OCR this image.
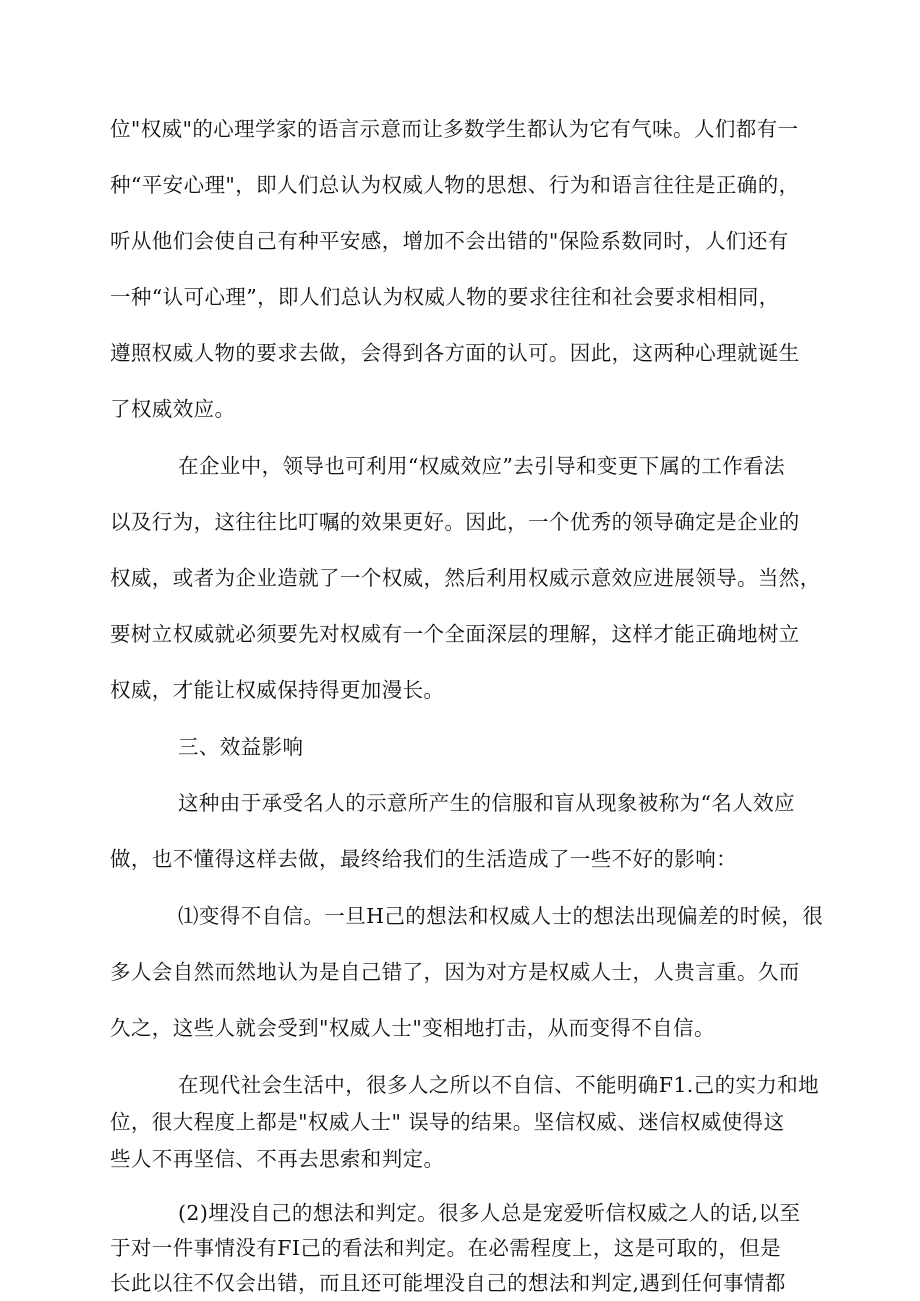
位"权威"的心理学家的语言示意而让多数学生都认为它有气味。人们都有一
种“平安心理"，即人们总认为权威人物的思想、行为和语言往往是正确的，
听从他们会使自己有种平安感，增加不会出错的"保险系数同时，人们还有
一种“认可心理”，即人们总认为权威人物的要求往往和社会要求相相同，
遵照权威人物的要求去做，会得到各方面的认可。因此，这两种心理就诞生
了权威效应。
在企业中，领导也可利用“权威效应”去引导和变更下属的工作看法
以及行为，这往往比叮嘱的效果更好。因此，一个优秀的领导确定是企业的
权威，或者为企业造就了一个权威，然后利用权威示意效应进展领导。当然，
要树立权威就必须要先对权威有一个全面深层的理解，这样才能正确地树立
权威，才能让权威保持得更加漫长。
三、效益影响
这种由于承受名人的示意所产生的信服和盲从现象被称为“名人效应
做，也不懂得这样去做，最终给我们的生活造成了一些不好的影响：
⑴变得不自信。一旦H己的想法和权威人士的想法出现偏差的时候，很
多人会自然而然地认为是自己错了，因为对方是权威人士，人贵言重。久而
久之，这些人就会受到"权威人士"变相地打击，从而变得不自信。
在现代社会生活中，很多人之所以不自信、不能明确F1.己的实力和地
位，很大程度上都是"权威人士" 误导的结果。坚信权威、迷信权威使得这
些人不再坚信、不再去思索和判定。
(2)埋没自己的想法和判定。很多人总是宠爱听信权威之人的话,以至
于对一件事情没有FI己的看法和判定。在必需程度上，这是可取的，但是
长此以往不仅会出错，而且还可能埋没自己的想法和判定,遇到任何事情都
